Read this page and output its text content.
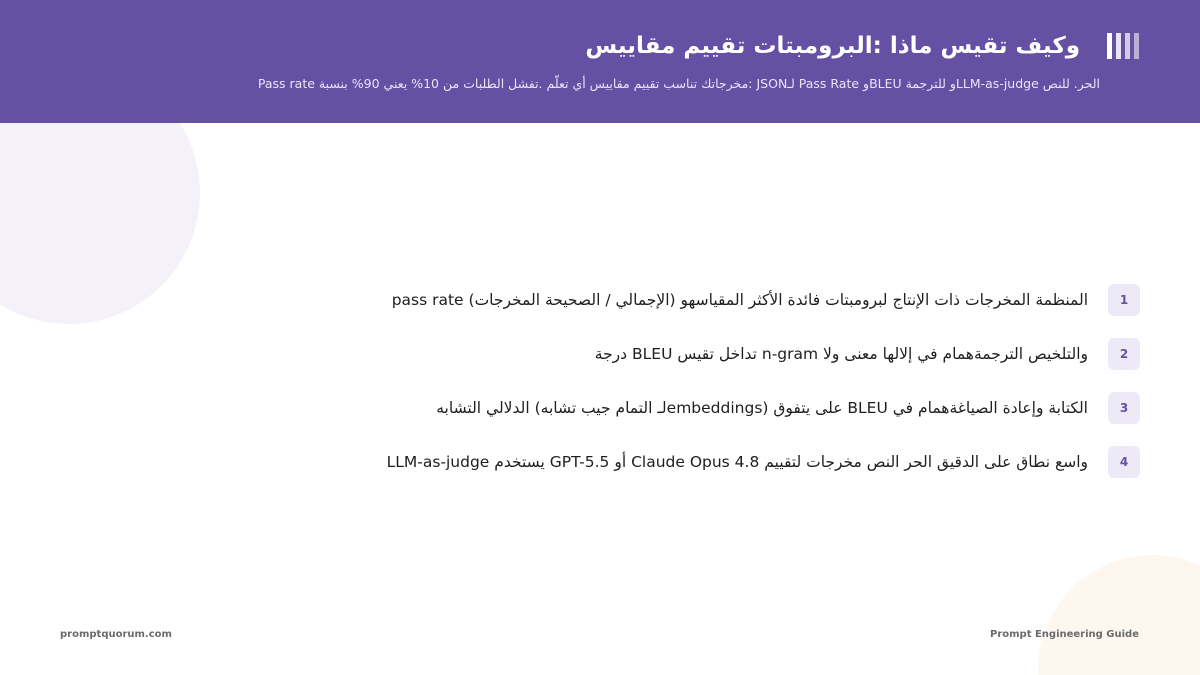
وكيف تقيس ماذا :البرومبتات تقييم مقاييس
الحر. للنص LLM-as-judgeو للترجمة BLEUو Pass Rate لـJSON :مخرجاتك تناسب تقييم مقاييس أي تعلّم .تفشل الطلبات من 10% يعني 90% بنسبة Pass rate
1
المنظمة المخرجات ذات الإنتاج لبرومبتات فائدة الأكثر المقياسهو (الإجمالي / الصحيحة المخرجات) pass rate
2
والتلخيص الترجمةهمام في إلالها معنى ولا n-gram تداخل تقيس BLEU درجة
3
الكتابة وإعادة الصياغةهمام في BLEU على يتفوق (embeddingsلـ التمام جيب تشابه) الدلالي التشابه
4
واسع نطاق على الدقيق الحر النص مخرجات لتقييم Claude Opus 4.8 أو GPT-5.5 يستخدم LLM-as-judge
promptquorum.com	Prompt Engineering Guide
